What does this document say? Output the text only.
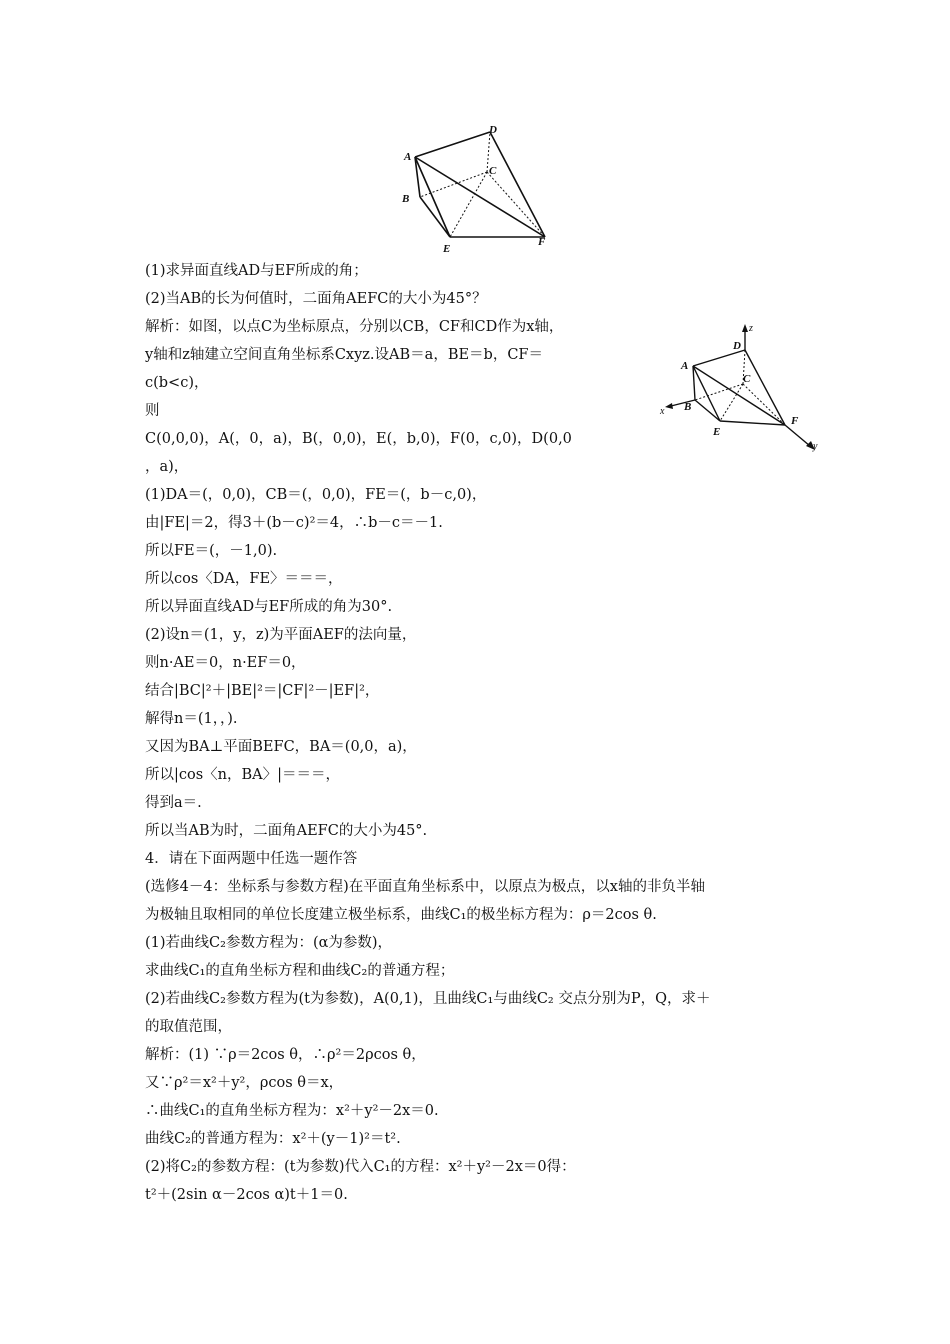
A
B
C
D
E
F
A
B
C
D
E
F
x
y
z
(1)求异面直线AD与EF所成的角；
(2)当AB的长为何值时，二面角AEFC的大小为45°？
解析：如图，以点C为坐标原点，分别以CB，CF和CD作为x轴，
y轴和z轴建立空间直角坐标系Cxyz.设AB＝a，BE＝b，CF＝
c(b<c)，
则
C(0,0,0)，A(，0，a)，B(，0,0)，E(，b,0)，F(0，c,0)，D(0,0
，a)，
(1)DA＝(，0,0)，CB＝(，0,0)，FE＝(，b－c,0)，
由|FE|＝2，得3＋(b－c)²＝4，∴b－c＝－1.
所以FE＝(，－1,0).
所以cos〈DA，FE〉＝＝＝，
所以异面直线AD与EF所成的角为30°.
(2)设n＝(1，y，z)为平面AEF的法向量，
则n·AE＝0，n·EF＝0，
结合|BC|²＋|BE|²＝|CF|²－|EF|²，
解得n＝(1，，).
又因为BA⊥平面BEFC，BA＝(0,0，a)，
所以|cos〈n，BA〉|＝＝＝，
得到a＝.
所以当AB为时，二面角AEFC的大小为45°.
4．请在下面两题中任选一题作答
(选修4－4：坐标系与参数方程)在平面直角坐标系中，以原点为极点，以x轴的非负半轴
为极轴且取相同的单位长度建立极坐标系，曲线C₁的极坐标方程为：ρ＝2cos θ.
(1)若曲线C₂参数方程为：(α为参数)，
求曲线C₁的直角坐标方程和曲线C₂的普通方程；
(2)若曲线C₂参数方程为(t为参数)，A(0,1)，且曲线C₁与曲线C₂ 交点分别为P，Q，求＋
的取值范围，
解析：(1) ∵ρ＝2cos θ，∴ρ²＝2ρcos θ，
又∵ρ²＝x²＋y²，ρcos θ＝x，
∴曲线C₁的直角坐标方程为：x²＋y²－2x＝0.
曲线C₂的普通方程为：x²＋(y－1)²＝t².
(2)将C₂的参数方程：(t为参数)代入C₁的方程：x²＋y²－2x＝0得：
t²＋(2sin α－2cos α)t＋1＝0.
